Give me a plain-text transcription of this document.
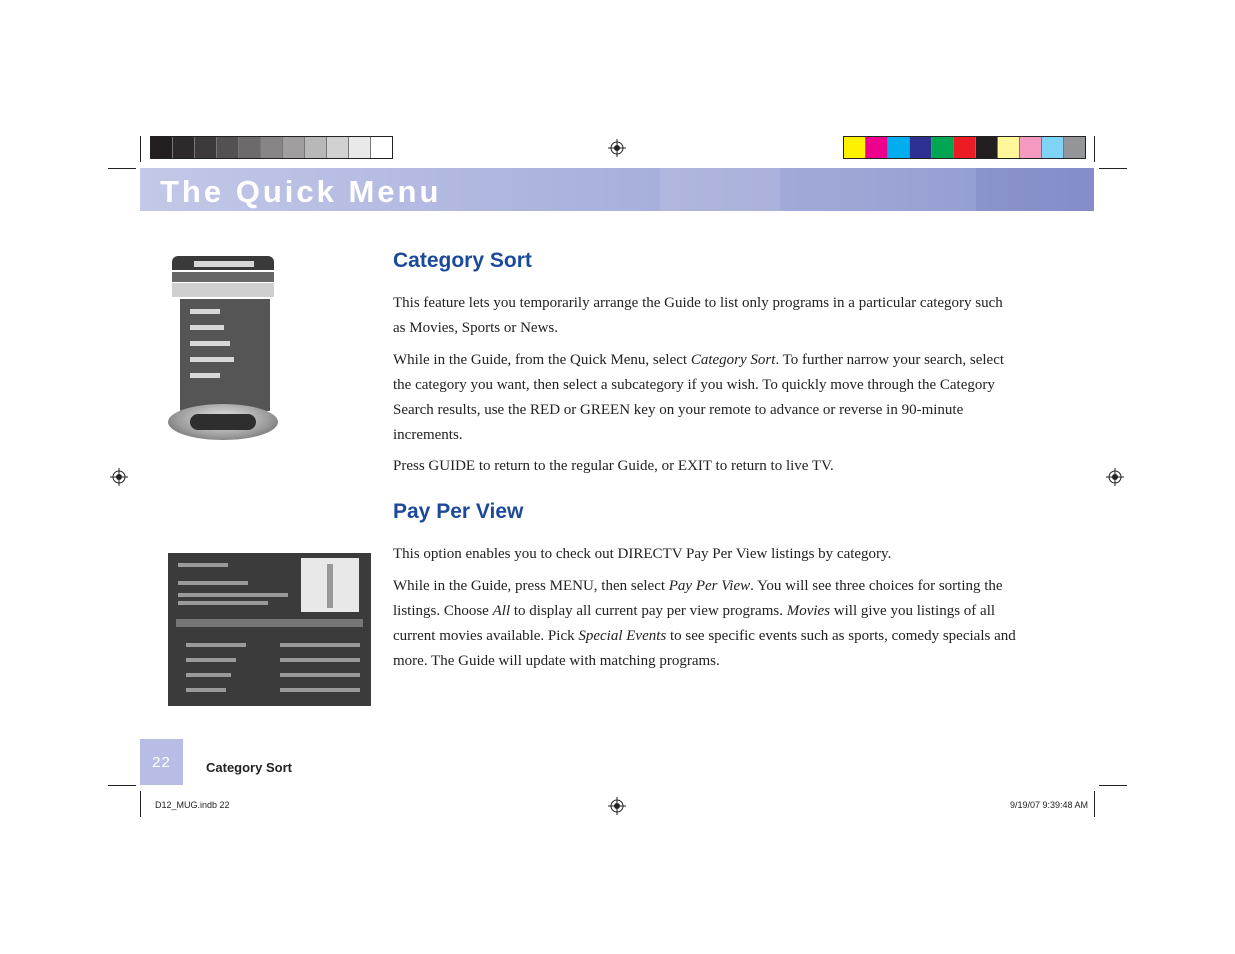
The Quick Menu
Category Sort

This feature lets you temporarily arrange the Guide to list only programs in a particular category such as Movies, Sports or News.

While in the Guide, from the Quick Menu, select Category Sort. To further narrow your search, select the category you want, then select a subcategory if you wish. To quickly move through the Category Search results, use the RED or GREEN key on your remote to advance or reverse in 90-minute increments.

Press GUIDE to return to the regular Guide, or EXIT to return to live TV.

Pay Per View

This option enables you to check out DIRECTV Pay Per View listings by category.

While in the Guide, press MENU, then select Pay Per View. You will see three choices for sorting the listings. Choose All to display all current pay per view programs. Movies will give you listings of all current movies available. Pick Special Events to see specific events such as sports, comedy specials and more. The Guide will update with matching programs.

22	Category Sort
D12_MUG.indb 22	9/19/07 9:39:48 AM
